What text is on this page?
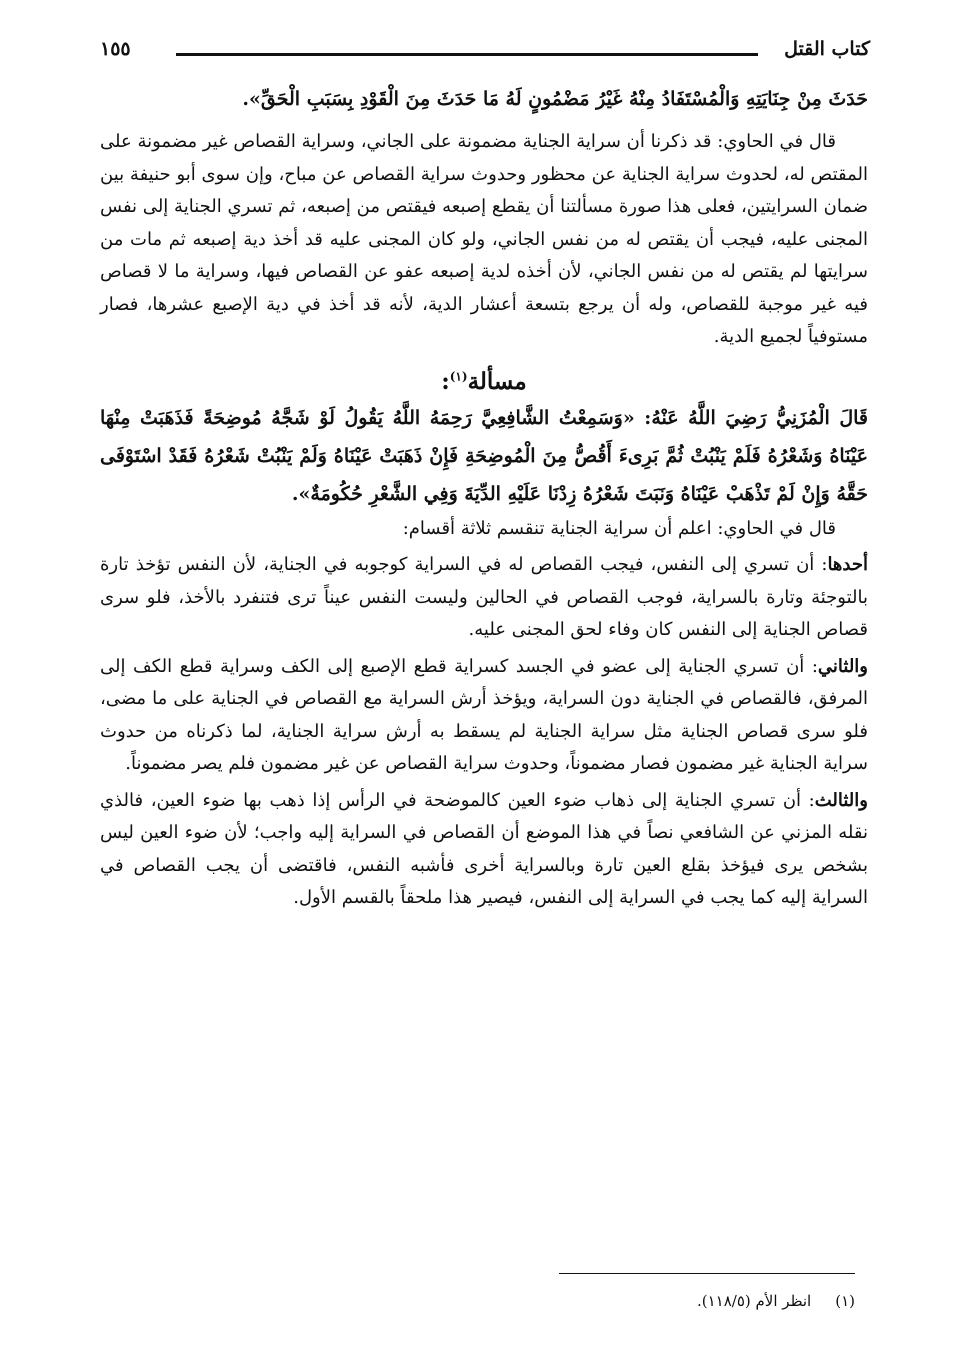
كتاب القتل
١٥٥

حَدَثَ مِنْ جِنَايَتِهِ وَالْمُسْتَفَادُ مِنْهُ غَيْرُ مَضْمُونٍ لَهُ مَا حَدَثَ مِنَ الْقَوْدِ بِسَبَبِ الْحَقِّ».

قال في الحاوي: قد ذكرنا أن سراية الجناية مضمونة على الجاني، وسراية القصاص غير مضمونة على المقتص له، لحدوث سراية الجناية عن محظور وحدوث سراية القصاص عن مباح، وإن سوى أبو حنيفة بين ضمان السرايتين، فعلى هذا صورة مسألتنا أن يقطع إصبعه فيقتص من إصبعه، ثم تسري الجناية إلى نفس المجنى عليه، فيجب أن يقتص له من نفس الجاني، ولو كان المجنى عليه قد أخذ دية إصبعه ثم مات من سرايتها لم يقتص له من نفس الجاني، لأن أخذه لدية إصبعه عفو عن القصاص فيها، وسراية ما لا قصاص فيه غير موجبة للقصاص، وله أن يرجع بتسعة أعشار الدية، لأنه قد أخذ في دية الإصبع عشرها، فصار مستوفياً لجميع الدية.

مسألة$^{(١)}$:

قَالَ الْمُزَنِيُّ رَضِيَ اللَّهُ عَنْهُ: «وَسَمِعْتُ الشَّافِعِيَّ رَحِمَهُ اللَّهُ يَقُولُ لَوْ شَجَّهُ مُوضِحَةً فَذَهَبَتْ مِنْهَا عَيْنَاهُ وَشَعْرُهُ فَلَمْ يَنْبُتْ ثُمَّ بَرِىءَ أَقُصُّ مِنَ الْمُوضِحَةِ فَإِنْ ذَهَبَتْ عَيْنَاهُ وَلَمْ يَنْبُتْ شَعْرُهُ فَقَدْ اسْتَوْفَى حَقَّهُ وَإِنْ لَمْ تَذْهَبْ عَيْنَاهُ وَنَبَتَ شَعْرُهُ زِدْنَا عَلَيْهِ الدِّيَةَ وَفِي الشَّعْرِ حُكُومَةٌ».

قال في الحاوي: اعلم أن سراية الجناية تنقسم ثلاثة أقسام:

أحدها: أن تسري إلى النفس، فيجب القصاص له في السراية كوجوبه في الجناية، لأن النفس تؤخذ تارة بالتوجئة وتارة بالسراية، فوجب القصاص في الحالين وليست النفس عيناً ترى فتنفرد بالأخذ، فلو سرى قصاص الجناية إلى النفس كان وفاء لحق المجنى عليه.

والثاني: أن تسري الجناية إلى عضو في الجسد كسراية قطع الإصبع إلى الكف وسراية قطع الكف إلى المرفق، فالقصاص في الجناية دون السراية، ويؤخذ أرش السراية مع القصاص في الجناية على ما مضى، فلو سرى قصاص الجناية مثل سراية الجناية لم يسقط به أرش سراية الجناية، لما ذكرناه من حدوث سراية الجناية غير مضمون فصار مضموناً، وحدوث سراية القصاص عن غير مضمون فلم يصر مضموناً.

والثالث: أن تسري الجناية إلى ذهاب ضوء العين كالموضحة في الرأس إذا ذهب بها ضوء العين، فالذي نقله المزني عن الشافعي نصاً في هذا الموضع أن القصاص في السراية إليه واجب؛ لأن ضوء العين ليس بشخص يرى فيؤخذ بقلع العين تارة وبالسراية أخرى فأشبه النفس، فاقتضى أن يجب القصاص في السراية إليه كما يجب في السراية إلى النفس، فيصير هذا ملحقاً بالقسم الأول.

(١)انظر الأم (١١٨/٥).
